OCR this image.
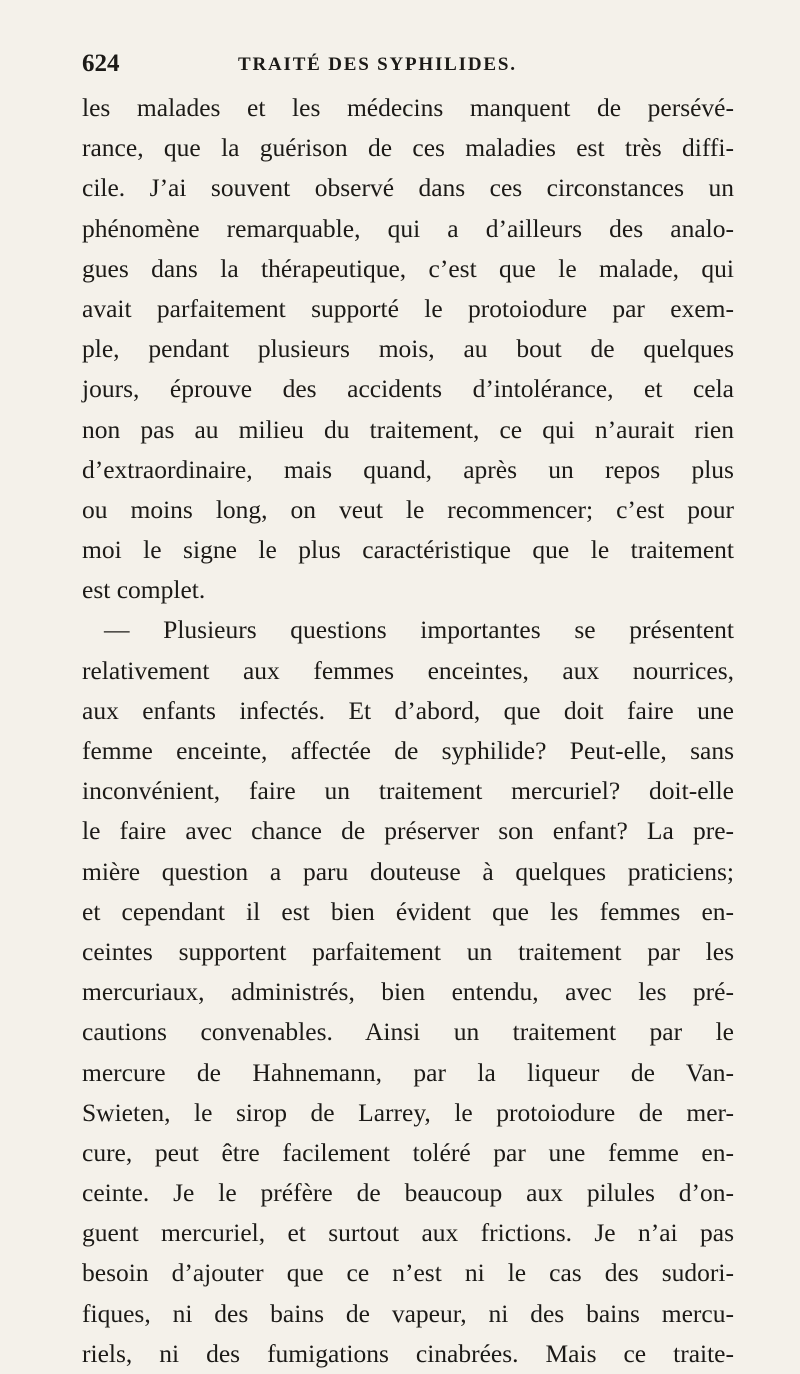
624	TRAITÉ DES SYPHILIDES.
les malades et les médecins manquent de persévé-
rance, que la guérison de ces maladies est très diffi-
cile. J’ai souvent observé dans ces circonstances un
phénomène remarquable, qui a d’ailleurs des analo-
gues dans la thérapeutique, c’est que le malade, qui
avait parfaitement supporté le protoiodure par exem-
ple, pendant plusieurs mois, au bout de quelques
jours, éprouve des accidents d’intolérance, et cela
non pas au milieu du traitement, ce qui n’aurait rien
d’extraordinaire, mais quand, après un repos plus
ou moins long, on veut le recommencer; c’est pour
moi le signe le plus caractéristique que le traitement
est complet.
— Plusieurs questions importantes se présentent
relativement aux femmes enceintes, aux nourrices,
aux enfants infectés. Et d’abord, que doit faire une
femme enceinte, affectée de syphilide? Peut-elle, sans
inconvénient, faire un traitement mercuriel? doit-elle
le faire avec chance de préserver son enfant? La pre-
mière question a paru douteuse à quelques praticiens;
et cependant il est bien évident que les femmes en-
ceintes supportent parfaitement un traitement par les
mercuriaux, administrés, bien entendu, avec les pré-
cautions convenables. Ainsi un traitement par le
mercure de Hahnemann, par la liqueur de Van-
Swieten, le sirop de Larrey, le protoiodure de mer-
cure, peut être facilement toléré par une femme en-
ceinte. Je le préfère de beaucoup aux pilules d’on-
guent mercuriel, et surtout aux frictions. Je n’ai pas
besoin d’ajouter que ce n’est ni le cas des sudori-
fiques, ni des bains de vapeur, ni des bains mercu-
riels, ni des fumigations cinabrées. Mais ce traite-
